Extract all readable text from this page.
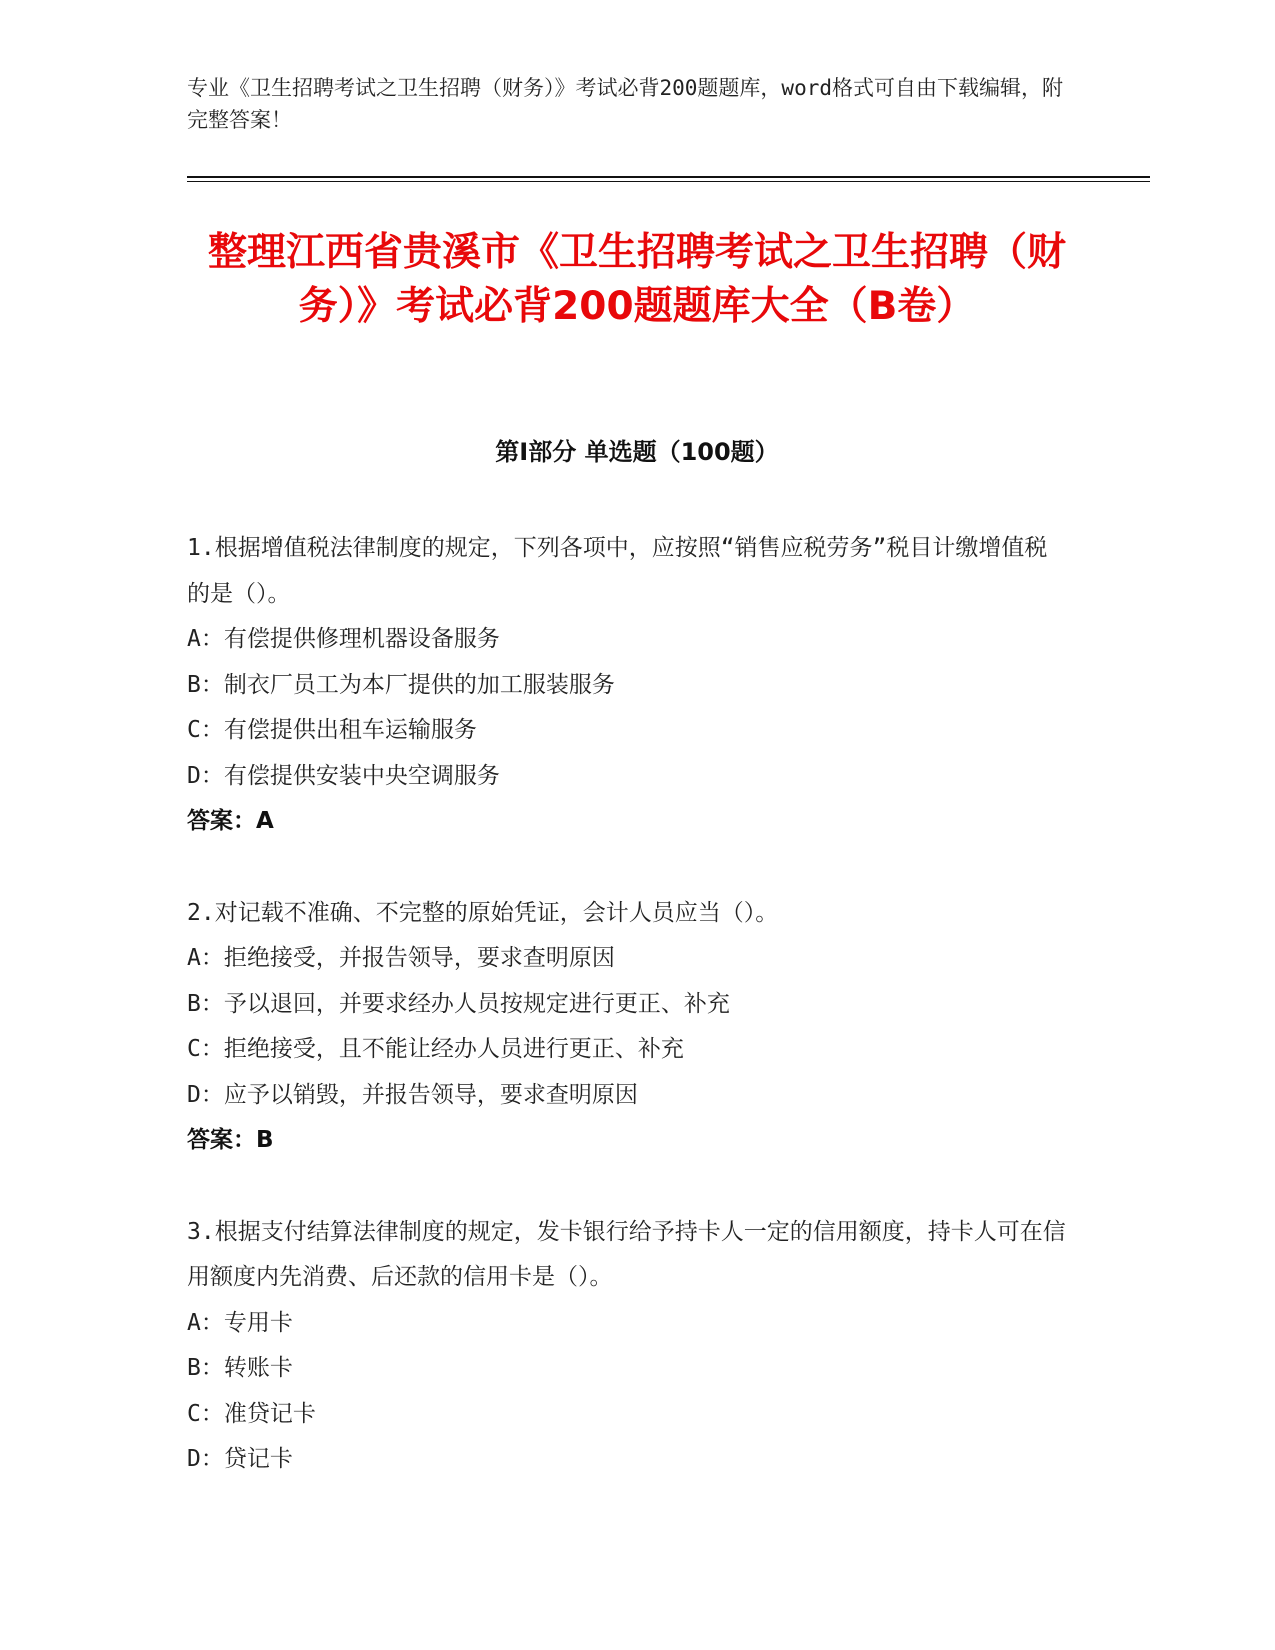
专业《卫生招聘考试之卫生招聘（财务）》考试必背200题题库，word格式可自由下载编辑，附完整答案！
整理江西省贵溪市《卫生招聘考试之卫生招聘（财务）》考试必背200题题库大全（B卷）
第Ⅰ部分 单选题（100题）

1.根据增值税法律制度的规定，下列各项中，应按照“销售应税劳务”税目计缴增值税的是（）。

A：有偿提供修理机器设备服务

B：制衣厂员工为本厂提供的加工服装服务

C：有偿提供出租车运输服务

D：有偿提供安装中央空调服务

答案：A

2.对记载不准确、不完整的原始凭证，会计人员应当（）。

A：拒绝接受，并报告领导，要求查明原因

B：予以退回，并要求经办人员按规定进行更正、补充

C：拒绝接受，且不能让经办人员进行更正、补充

D：应予以销毁，并报告领导，要求查明原因

答案：B

3.根据支付结算法律制度的规定，发卡银行给予持卡人一定的信用额度，持卡人可在信用额度内先消费、后还款的信用卡是（）。

A：专用卡

B：转账卡

C：准贷记卡

D：贷记卡
